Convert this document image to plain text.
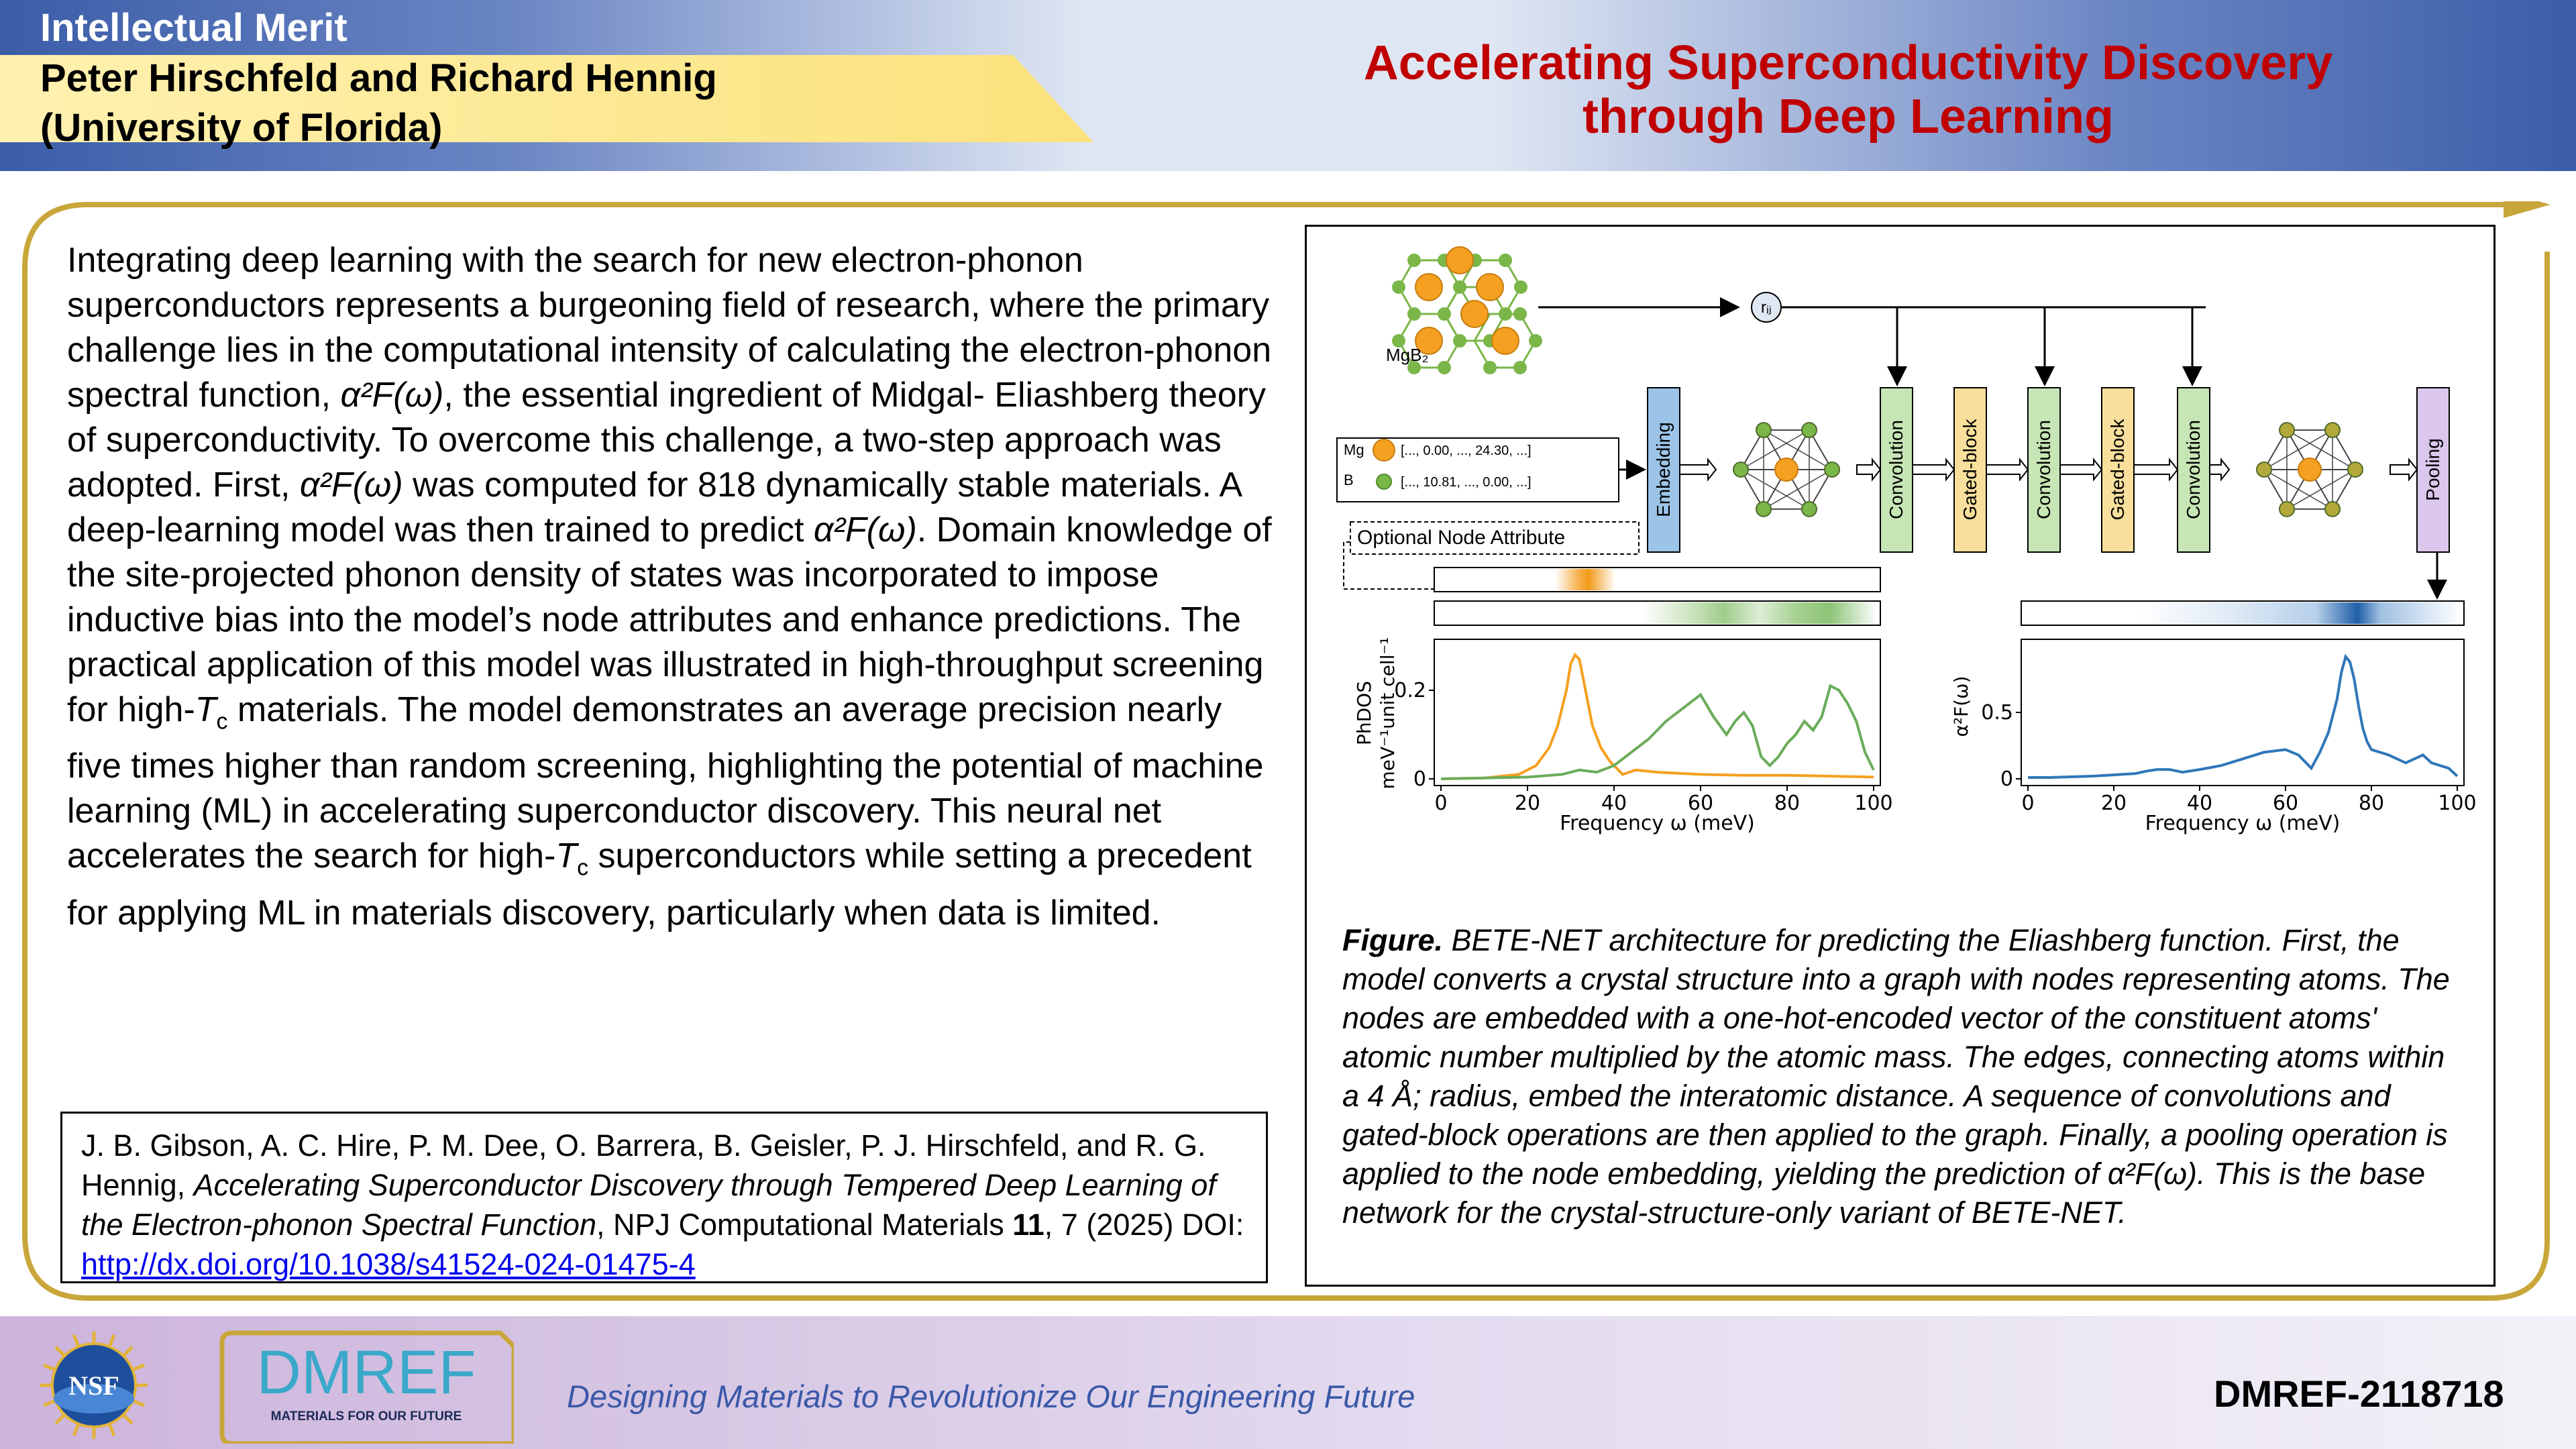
Intellectual Merit
Peter Hirschfeld and Richard Hennig
(University of Florida)
Accelerating Superconductivity Discovery
through Deep Learning

Integrating deep learning with the search for new electron-phonon superconductors represents a burgeoning field of research, where the primary challenge lies in the computational intensity of calculating the electron-phonon spectral function, α²F(ω), the essential ingredient of Midgal- Eliashberg theory of superconductivity. To overcome this challenge, a two-step approach was adopted. First, α²F(ω) was computed for 818 dynamically stable materials. A deep-learning model was then trained to predict α²F(ω). Domain knowledge of the site-projected phonon density of states was incorporated to impose inductive bias into the model’s node attributes and enhance predictions. The practical application of this model was illustrated in high-throughput screening for high-$T_c$ materials. The model demonstrates an average precision nearly five times higher than random screening, highlighting the potential of machine learning (ML) in accelerating superconductor discovery. This neural net accelerates the search for high-$T_c$ superconductors while setting a precedent for applying ML in materials discovery, particularly when data is limited.

J. B. Gibson, A. C. Hire, P. M. Dee, O. Barrera, B. Geisler, P. J. Hirschfeld, and R. G. Hennig, Accelerating Superconductor Discovery through Tempered Deep Learning of the Electron-phonon Spectral Function, NPJ Computational Materials 11, 7 (2025) DOI: http://dx.doi.org/10.1038/s41524-024-01475-4
MgB₂
rᵢⱼ
Mg	[..., 0.00, ..., 24.30, ...]
B	[..., 10.81, ..., 0.00, ...]
Optional Node Attribute
Embedding	Convolution	Gated-block	Convolution	Gated-block	Convolution	Pooling
0	20	40	60	80	100
0
0.2
Frequency ω (meV)
PhDOS meV⁻¹unit cell⁻¹
0	20	40	60	80	100
0
0.5
Frequency ω (meV)
α²F(ω)
Figure. BETE-NET architecture for predicting the Eliashberg function. First, the model converts a crystal structure into a graph with nodes representing atoms. The nodes are embedded with a one-hot-encoded vector of the constituent atoms' atomic number multiplied by the atomic mass. The edges, connecting atoms within a 4 Å; radius, embed the interatomic distance. A sequence of convolutions and gated-block operations are then applied to the graph. Finally, a pooling operation is applied to the node embedding, yielding the prediction of α²F(ω). This is the base network for the crystal-structure-only variant of BETE-NET.
NSF DMREF
MATERIALS FOR OUR FUTURE
Designing Materials to Revolutionize Our Engineering Future	DMREF-2118718
